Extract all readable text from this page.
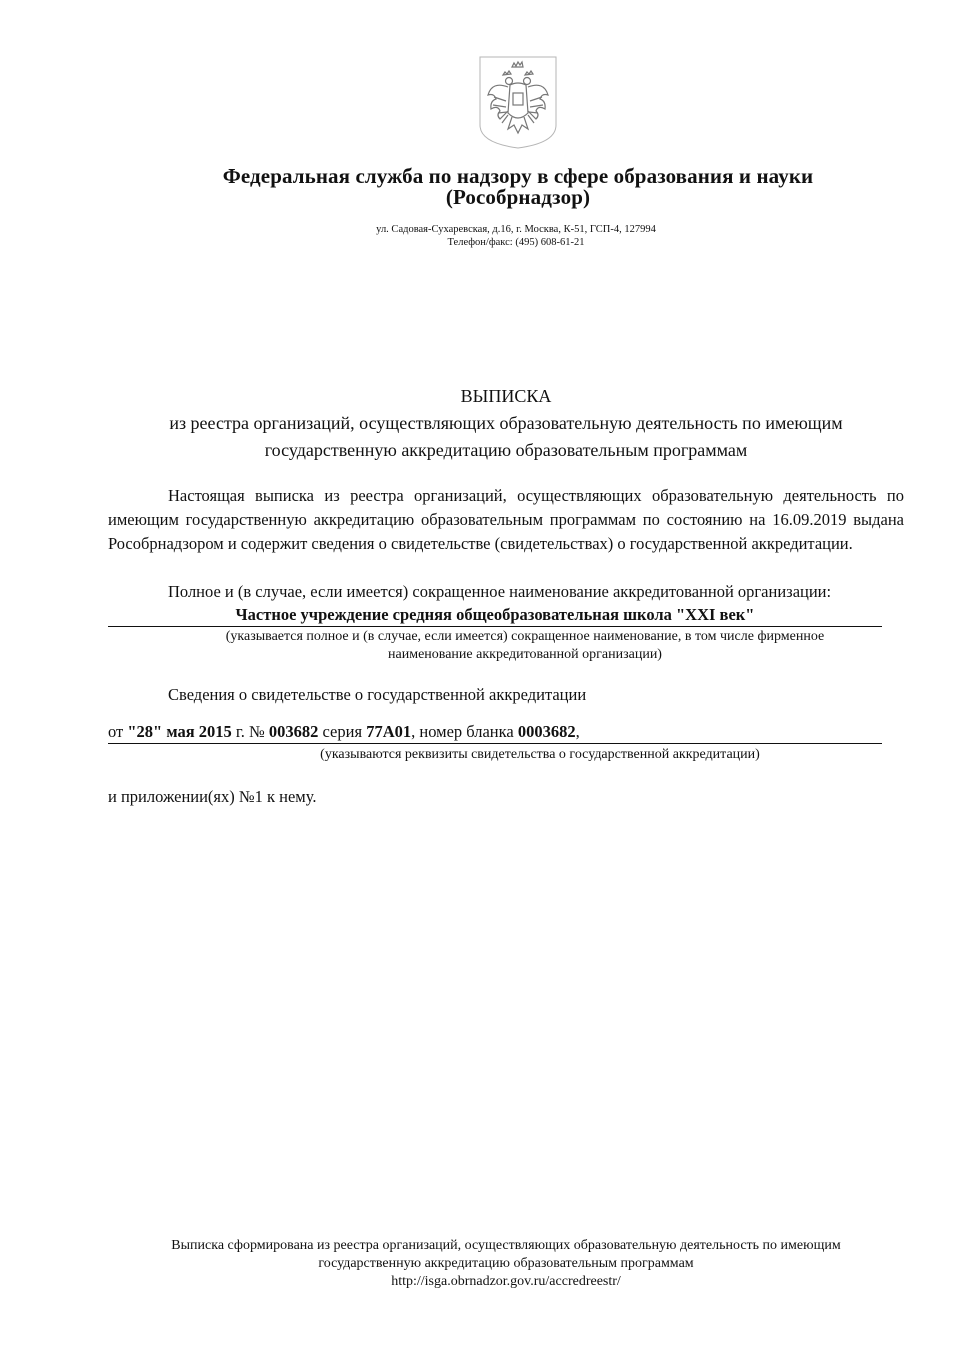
Федеральная служба по надзору в сфере образования и науки
(Рособрнадзор)
ул. Садовая-Сухаревская, д.16, г. Москва, К-51, ГСП-4, 127994
Телефон/факс: (495) 608-61-21
ВЫПИСКА
из реестра организаций, осуществляющих образовательную деятельность по имеющим
государственную аккредитацию образовательным программам
Настоящая выписка из реестра организаций, осуществляющих образовательную деятельность по имеющим государственную аккредитацию образовательным программам по состоянию на 16.09.2019 выдана Рособрнадзором и содержит сведения о свидетельстве (свидетельствах) о государственной аккредитации.
Полное и (в случае, если имеется) сокращенное наименование аккредитованной организации:
Частное учреждение средняя общеобразовательная школа "XXI век"
(указывается полное и (в случае, если имеется) сокращенное наименование, в том числе фирменное
наименование аккредитованной организации)
Сведения о свидетельстве о государственной аккредитации
от "28" мая 2015 г. № 003682 серия 77А01, номер бланка 0003682,
(указываются реквизиты свидетельства о государственной аккредитации)
и приложении(ях) №1 к нему.
Выписка сформирована из реестра организаций, осуществляющих образовательную деятельность по имеющим
государственную аккредитацию образовательным программам
http://isga.obrnadzor.gov.ru/accredreestr/
